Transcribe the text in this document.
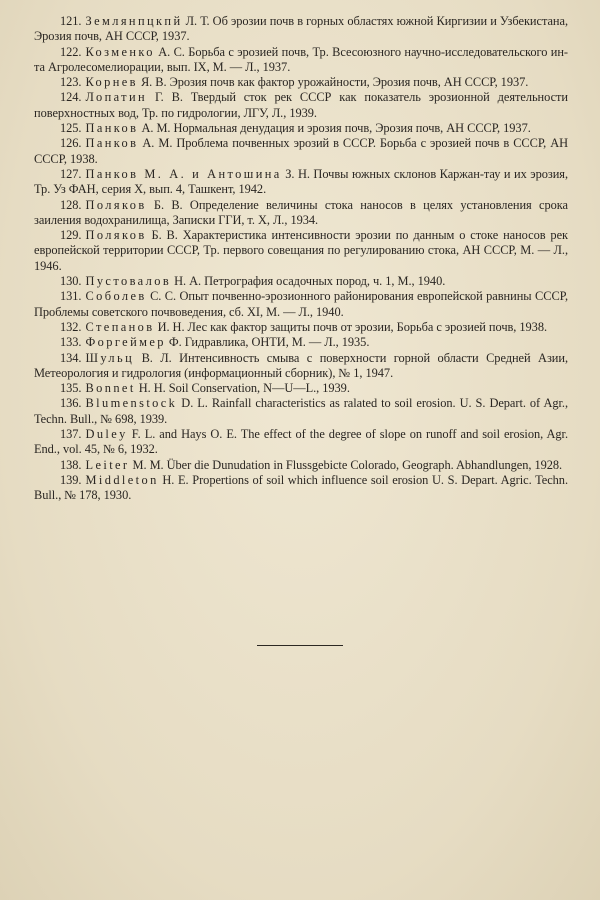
121. Землянпцкпй Л. Т. Об эрозии почв в горных областях южной Киргизии и Узбекистана, Эрозия почв, АН СССР, 1937.

122. Козменко А. С. Борьба с эрозией почв, Тр. Всесоюзного научно-исследовательского ин-та Агролесомелиорации, вып. IX, М. — Л., 1937.

123. Корнев Я. В. Эрозия почв как фактор урожайности, Эрозия почв, АН СССР, 1937.

124. Лопатин Г. В. Твердый сток рек СССР как показатель эрозионной деятельности поверхностных вод, Тр. по гидрологии, ЛГУ, Л., 1939.

125. Панков А. М. Нормальная денудация и эрозия почв, Эрозия почв, АН СССР, 1937.

126. Панков А. М. Проблема почвенных эрозий в СССР. Борьба с эрозией почв в СССР, АН СССР, 1938.

127. Панков М. А. и Антошина З. Н. Почвы южных склонов Каржан-тау и их эрозия, Тр. Уз ФАН, серия X, вып. 4, Ташкент, 1942.

128. Поляков Б. В. Определение величины стока наносов в целях установления срока заиления водохранилища, Записки ГГИ, т. X, Л., 1934.

129. Поляков Б. В. Характеристика интенсивности эрозии по данным о стоке наносов рек европейской территории СССР, Тр. первого совещания по регулированию стока, АН СССР, М. — Л., 1946.

130. Пустовалов Н. А. Петрография осадочных пород, ч. 1, М., 1940.

131. Соболев С. С. Опыт почвенно-эрозионного районирования европейской равнины СССР, Проблемы советского почвоведения, сб. XI, М. — Л., 1940.

132. Степанов И. Н. Лес как фактор защиты почв от эрозии, Борьба с эрозией почв, 1938.

133. Форгеймер Ф. Гидравлика, ОНТИ, М. — Л., 1935.

134. Шульц В. Л. Интенсивность смыва с поверхности горной области Средней Азии, Метеорология и гидрология (информационный сборник), № 1, 1947.

135. Bonnet H. H. Soil Conservation, N—U—L., 1939.

136. Blumenstock D. L. Rainfall characteristics as ralated to soil erosion. U. S. Depart. of Agr., Techn. Bull., № 698, 1939.

137. Duley F. L. and Hays O. E. The effect of the degree of slope on runoff and soil erosion, Agr. End., vol. 45, № 6, 1932.

138. Leiter M. M. Über die Dunudation in Flussgebicte Colorado, Geograph. Abhandlungen, 1928.

139. Middleton H. E. Propertions of soil which influence soil erosion U. S. Depart. Agric. Techn. Bull., № 178, 1930.
